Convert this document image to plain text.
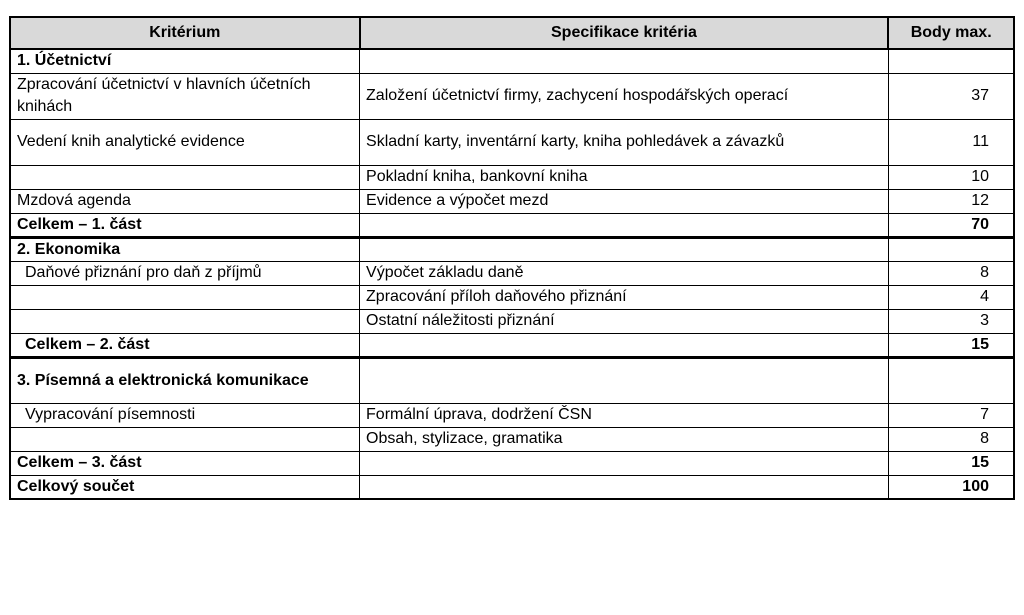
Kritérium	Specifikace kritéria	Body max.
1. Účetnictví		
Zpracování účetnictví v hlavních účetních knihách	Založení účetnictví firmy, zachycení hospodářských operací	37
Vedení knih analytické evidence	Skladní karty, inventární karty, kniha pohledávek a závazků	11
	Pokladní kniha, bankovní kniha	10
Mzdová agenda	Evidence a výpočet mezd	12
Celkem – 1. část		70
2. Ekonomika		
Daňové přiznání pro daň z příjmů	Výpočet základu daně	8
	Zpracování příloh daňového přiznání	4
	Ostatní náležitosti přiznání	3
Celkem – 2. část		15
3. Písemná a elektronická komunikace		
Vypracování písemnosti	Formální úprava, dodržení ČSN	7
	Obsah, stylizace, gramatika	8
Celkem – 3. část		15
Celkový součet		100
